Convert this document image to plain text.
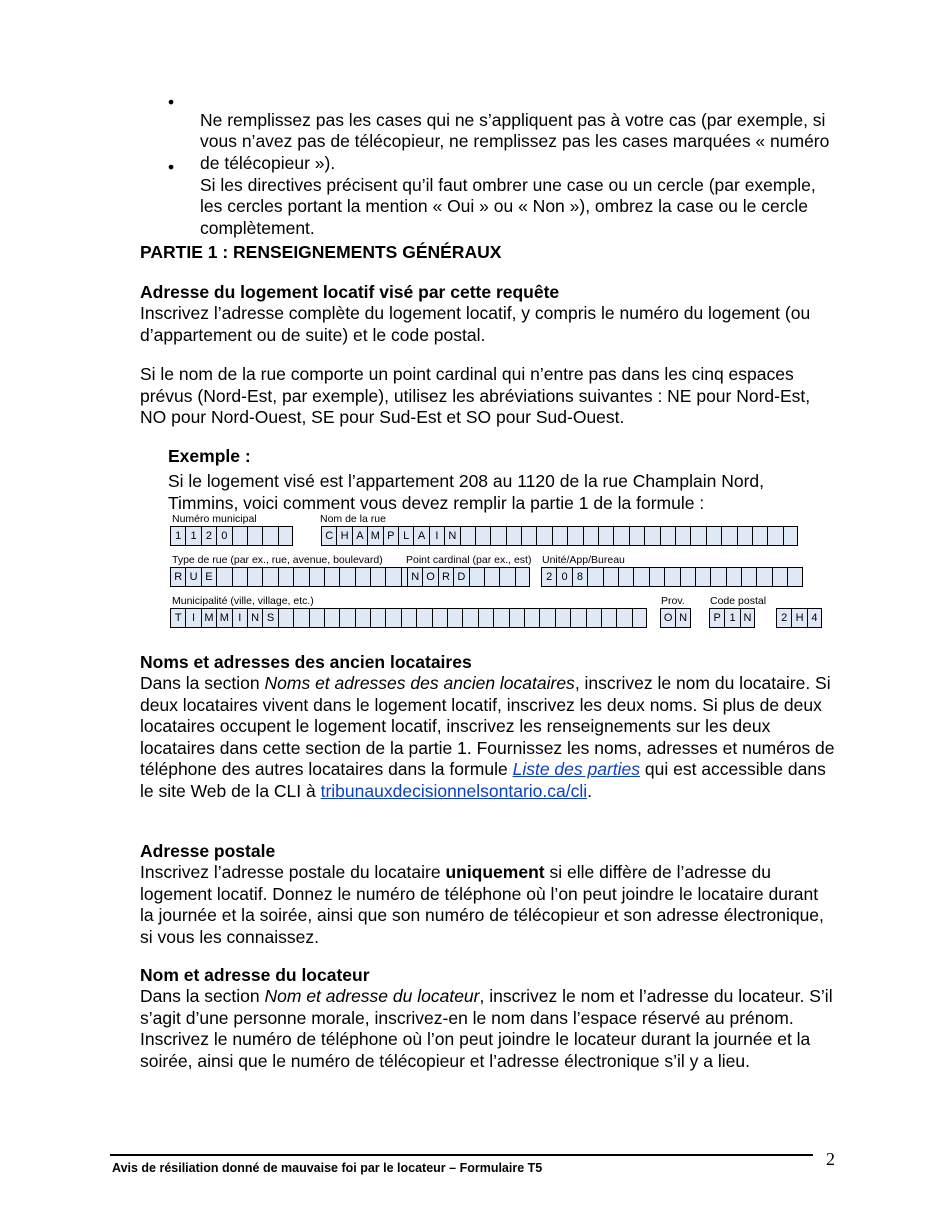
•

Ne remplissez pas les cases qui ne s’appliquent pas à votre cas (par exemple, si vous n’avez pas de télécopieur, ne remplissez pas les cases marquées « numéro de télécopieur »).

•

Si les directives précisent qu’il faut ombrer une case ou un cercle (par exemple, les cercles portant la mention « Oui » ou « Non »), ombrez la case ou le cercle complètement.

PARTIE 1 : RENSEIGNEMENTS GÉNÉRAUX
Adresse du logement locatif visé par cette requête

Inscrivez l’adresse complète du logement locatif, y compris le numéro du logement (ou d’appartement ou de suite) et le code postal.

Si le nom de la rue comporte un point cardinal qui n’entre pas dans les cinq espaces prévus (Nord-Est, par exemple), utilisez les abréviations suivantes : NE pour Nord-Est, NO pour Nord-Ouest, SE pour Sud-Est et SO pour Sud-Ouest.

Exemple :

Si le logement visé est l’appartement 208 au 1120 de la rue Champlain Nord, Timmins, voici comment vous devez remplir la partie 1 de la formule :

Numéro municipal	Nom de la rue
1 1 2 0	C H A M P L A I N
Type de rue (par ex., rue, avenue, boulevard) Point cardinal (par ex., est) Unité/App/Bureau
R U E	N O R D	2 0 8
Municipalité (ville, village, etc.)	Prov. Code postal
T I M M I N S	O N	P 1 N	2 H 4
Noms et adresses des ancien locataires

Dans la section Noms et adresses des ancien locataires, inscrivez le nom du locataire. Si deux locataires vivent dans le logement locatif, inscrivez les deux noms. Si plus de deux locataires occupent le logement locatif, inscrivez les renseignements sur les deux locataires dans cette section de la partie 1. Fournissez les noms, adresses et numéros de téléphone des autres locataires dans la formule Liste des parties qui est accessible dans le site Web de la CLI à tribunauxdecisionnelsontario.ca/cli.

Adresse postale

Inscrivez l’adresse postale du locataire uniquement si elle diffère de l’adresse du logement locatif. Donnez le numéro de téléphone où l’on peut joindre le locataire durant la journée et la soirée, ainsi que son numéro de télécopieur et son adresse électronique, si vous les connaissez.

Nom et adresse du locateur

Dans la section Nom et adresse du locateur, inscrivez le nom et l’adresse du locateur. S’il s’agit d’une personne morale, inscrivez-en le nom dans l’espace réservé au prénom. Inscrivez le numéro de téléphone où l’on peut joindre le locateur durant la journée et la soirée, ainsi que le numéro de télécopieur et l’adresse électronique s’il y a lieu.

Avis de résiliation donné de mauvaise foi par le locateur – Formulaire T5	2
